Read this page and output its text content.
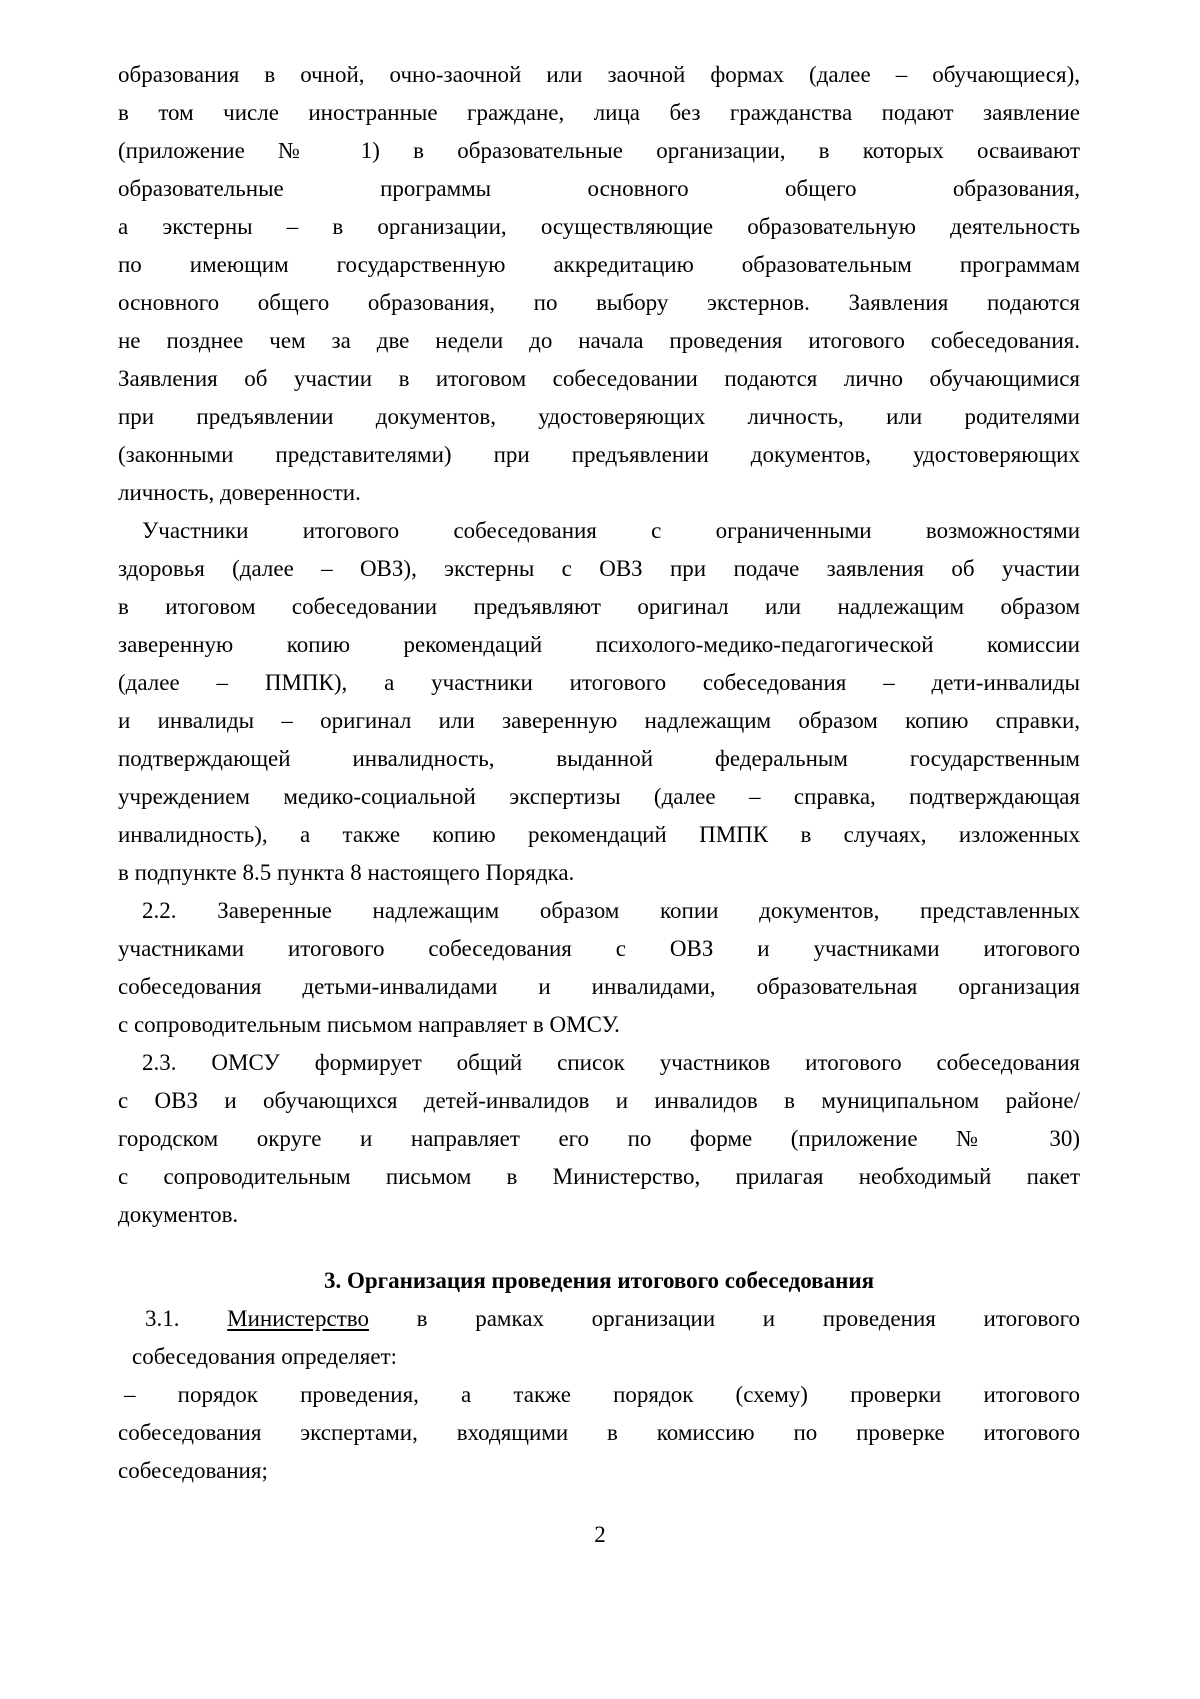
образования в очной, очно-заочной или заочной формах (далее – обучающиеся),
в том числе иностранные граждане, лица без гражданства подают заявление
(приложение № 1) в образовательные организации, в которых осваивают
образовательные программы основного общего образования,
а экстерны – в организации, осуществляющие образовательную деятельность
по имеющим государственную аккредитацию образовательным программам
основного общего образования, по выбору экстернов. Заявления подаются
не позднее чем за две недели до начала проведения итогового собеседования.
Заявления об участии в итоговом собеседовании подаются лично обучающимися
при предъявлении документов, удостоверяющих личность, или родителями
(законными представителями) при предъявлении документов, удостоверяющих
личность, доверенности.
Участники итогового собеседования с ограниченными возможностями
здоровья (далее – ОВЗ), экстерны с ОВЗ при подаче заявления об участии
в итоговом собеседовании предъявляют оригинал или надлежащим образом
заверенную копию рекомендаций психолого-медико-педагогической комиссии
(далее – ПМПК), а участники итогового собеседования – дети-инвалиды
и инвалиды – оригинал или заверенную надлежащим образом копию справки,
подтверждающей инвалидность, выданной федеральным государственным
учреждением медико-социальной экспертизы (далее – справка, подтверждающая
инвалидность), а также копию рекомендаций ПМПК в случаях, изложенных
в подпункте 8.5 пункта 8 настоящего Порядка.
2.2. Заверенные надлежащим образом копии документов, представленных
участниками итогового собеседования с ОВЗ и участниками итогового
собеседования детьми-инвалидами и инвалидами, образовательная организация
с сопроводительным письмом направляет в ОМСУ.
2.3. ОМСУ формирует общий список участников итогового собеседования
с ОВЗ и обучающихся детей-инвалидов и инвалидов в муниципальном районе/
городском округе и направляет его по форме (приложение № 30)
с сопроводительным письмом в Министерство, прилагая необходимый пакет
документов.
3. Организация проведения итогового собеседования
3.1. Министерство в рамках организации и проведения итогового
собеседования определяет:
– порядок проведения, а также порядок (схему) проверки итогового
собеседования экспертами, входящими в комиссию по проверке итогового
собеседования;
2
